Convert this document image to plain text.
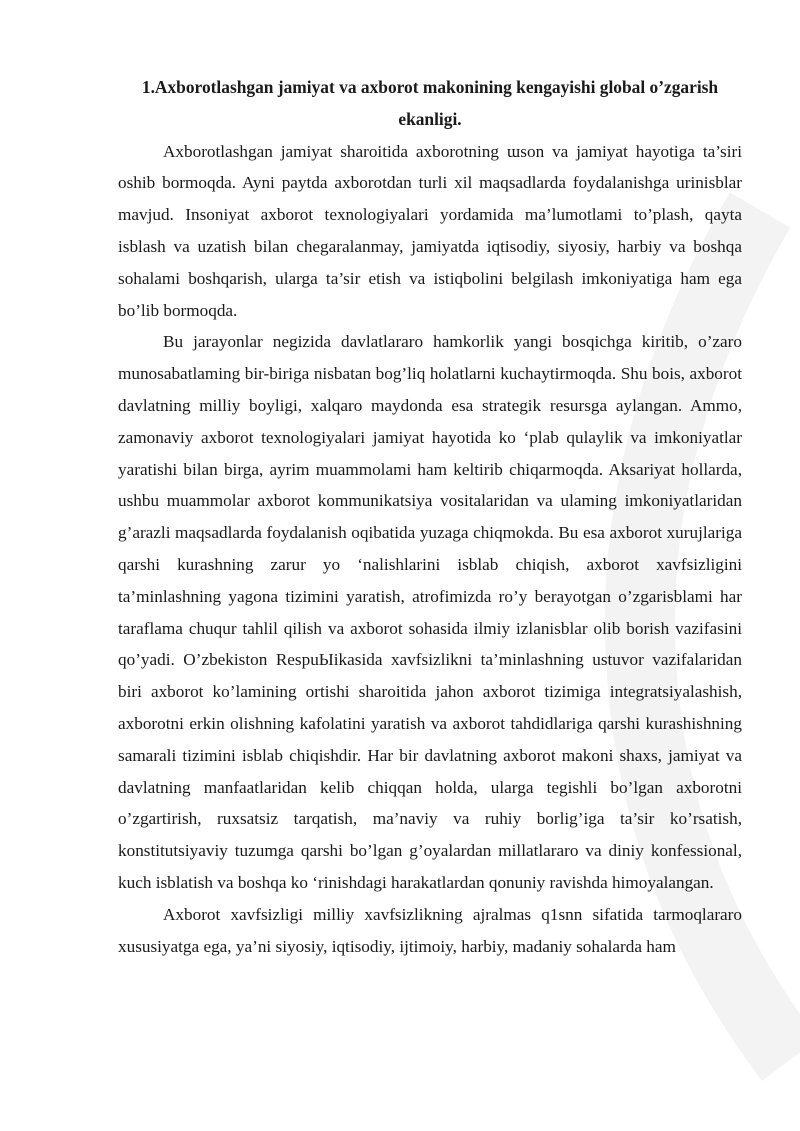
1.Axborotlashgan jamiyat va axborot makonining kengayishi global o’zgarish ekanligi.

Axborotlashgan jamiyat sharoitida axborotning ɯson va jamiyat hayotiga ta’siri oshib bormoqda. Ayni paytda axborotdan turli xil maqsadlarda foydalanishga urinisblar mavjud. Insoniyat axborot texnologiyalari yordamida ma’lumotlami to’plash, qayta isblash va uzatish bilan chegaralanmay, jamiyatda iqtisodiy, siyosiy, harbiy va boshqa sohalami boshqarish, ularga ta’sir etish va istiqbolini belgilash imkoniyatiga ham ega bo’lib bormoqda.

Bu jarayonlar negizida davlatlararo hamkorlik yangi bosqichga kiritib, o’zaro munosabatlaming bir-biriga nisbatan bog’liq holatlarni kuchaytirmoqda. Shu bois, axborot davlatning milliy boyligi, xalqaro maydonda esa strategik resursga aylangan. Ammo, zamonaviy axborot texnologiyalari jamiyat hayotida ko ‘plab qulaylik va imkoniyatlar yaratishi bilan birga, ayrim muammolami ham keltirib chiqarmoqda. Aksariyat hollarda, ushbu muammolar axborot kommunikatsiya vositalaridan va ulaming imkoniyatlaridan g’arazli maqsadlarda foydalanish oqibatida yuzaga chiqmokda. Bu esa axborot xurujlariga qarshi kurashning zarur yo ‘nalishlarini isblab chiqish, axborot xavfsizligini ta’minlashning yagona tizimini yaratish, atrofimizda ro’y berayotgan o’zgarisblami har taraflama chuqur tahlil qilish va axborot sohasida ilmiy izlanisblar olib borish vazifasini qo’yadi. O’zbekiston RespuЫikasida xavfsizlikni ta’minlashning ustuvor vazifalaridan biri axborot ko’lamining ortishi sharoitida jahon axborot tizimiga integratsiyalashish, axborotni erkin olishning kafolatini yaratish va axborot tahdidlariga qarshi kurashishning samarali tizimini isblab chiqishdir. Har bir davlatning axborot makoni shaxs, jamiyat va davlatning manfaatlaridan kelib chiqqan holda, ularga tegishli bo’lgan axborotni o’zgartirish, ruxsatsiz tarqatish, ma’naviy va ruhiy borlig’iga ta’sir ko’rsatish, konstitutsiyaviy tuzumga qarshi bo’lgan g’oyalardan millatlararo va diniy konfessional, kuch isblatish va boshqa ko ‘rinishdagi harakatlardan qonuniy ravishda himoyalangan.

Axborot xavfsizligi milliy xavfsizlikning ajralmas q1snn sifatida tarmoqlararo xususiyatga ega, ya’ni siyosiy, iqtisodiy, ijtimoiy, harbiy, madaniy sohalarda ham
